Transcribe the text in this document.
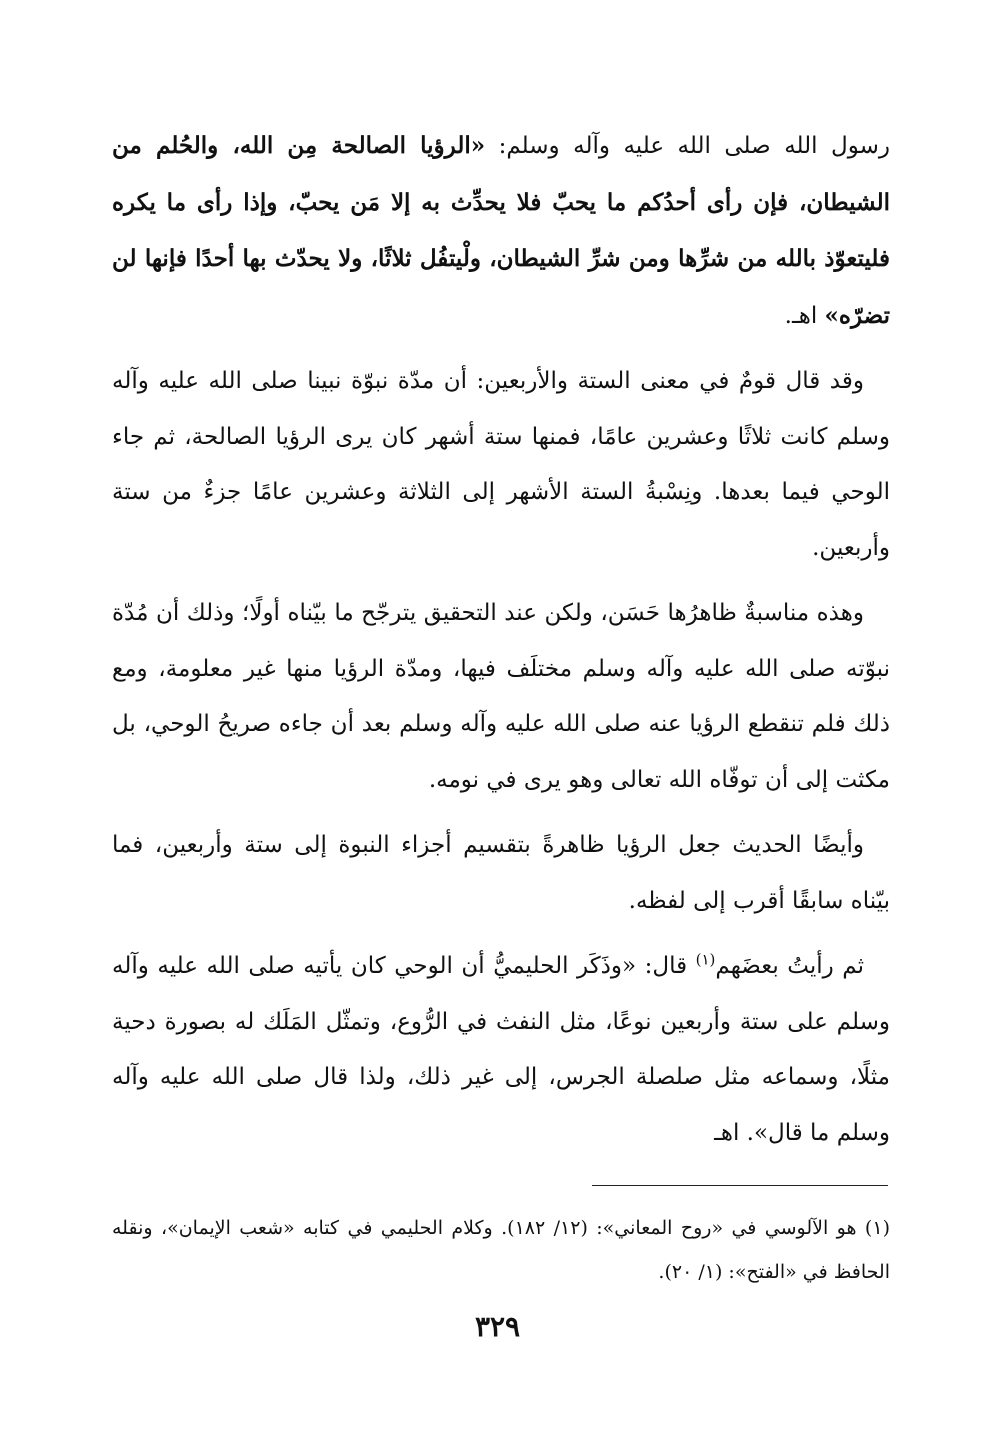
رسول الله صلى الله عليه وآله وسلم: «الرؤيا الصالحة مِن الله، والحُلم من الشيطان، فإن رأى أحدُكم ما يحبّ فلا يحدِّث به إلا مَن يحبّ، وإذا رأى ما يكره فليتعوّذ بالله من شرِّها ومن شرِّ الشيطان، ولْيتفُل ثلاثًا، ولا يحدّث بها أحدًا فإنها لن تضرّه» اهـ.

وقد قال قومٌ في معنى الستة والأربعين: أن مدّة نبوّة نبينا صلى الله عليه وآله وسلم كانت ثلاثًا وعشرين عامًا، فمنها ستة أشهر كان يرى الرؤيا الصالحة، ثم جاء الوحي فيما بعدها. ونِسْبةُ الستة الأشهر إلى الثلاثة وعشرين عامًا جزءٌ من ستة وأربعين.

وهذه مناسبةٌ ظاهرُها حَسَن، ولكن عند التحقيق يترجّح ما بيّناه أولًا؛ وذلك أن مُدّة نبوّته صلى الله عليه وآله وسلم مختلَف فيها، ومدّة الرؤيا منها غير معلومة، ومع ذلك فلم تنقطع الرؤيا عنه صلى الله عليه وآله وسلم بعد أن جاءه صريحُ الوحي، بل مكثت إلى أن توفّاه الله تعالى وهو يرى في نومه.

وأيضًا الحديث جعل الرؤيا ظاهرةً بتقسيم أجزاء النبوة إلى ستة وأربعين، فما بيّناه سابقًا أقرب إلى لفظه.

ثم رأيتُ بعضَهم$^{(١)}$ قال: «وذَكَر الحليميُّ أن الوحي كان يأتيه صلى الله عليه وآله وسلم على ستة وأربعين نوعًا، مثل النفث في الرُّوع، وتمثّل المَلَك له بصورة دحية مثلًا، وسماعه مثل صلصلة الجرس، إلى غير ذلك، ولذا قال صلى الله عليه وآله وسلم ما قال». اهـ

(١) هو الآلوسي في «روح المعاني»: (١٢/ ١٨٢). وكلام الحليمي في كتابه «شعب الإيمان»، ونقله الحافظ في «الفتح»: (١/ ٢٠).

٣٢٩
